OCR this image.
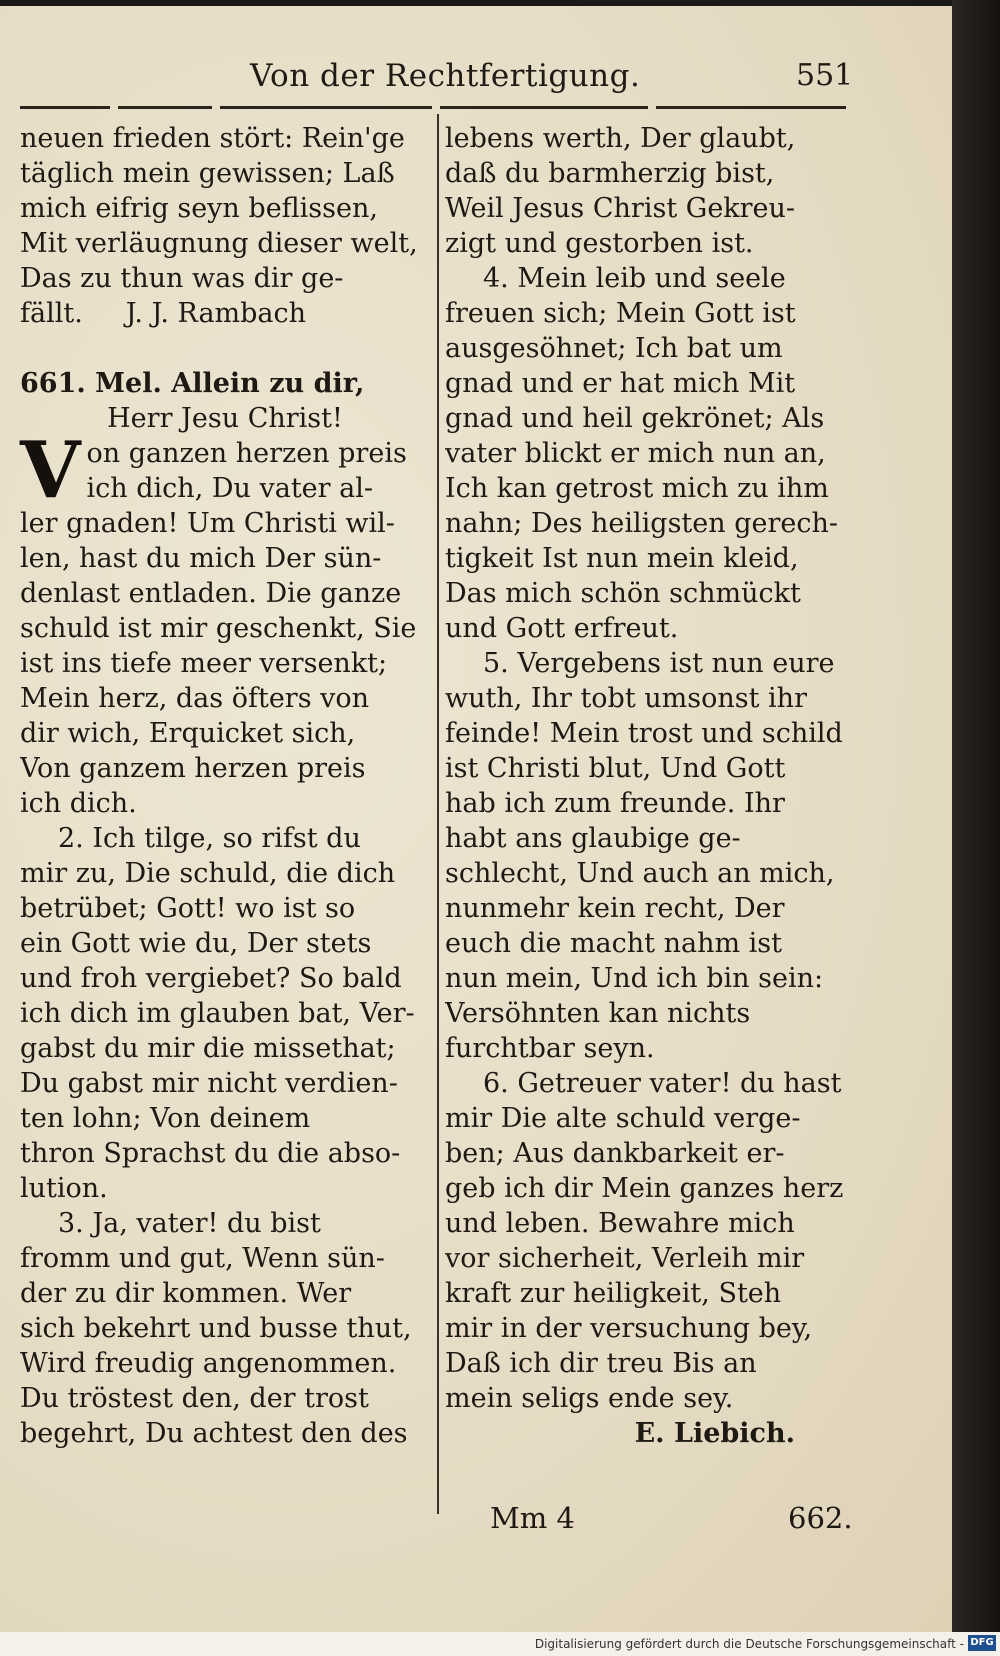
Von der Rechtfertigung.	551
neuen frieden stört: Rein'ge
täglich mein gewissen; Laß
mich eifrig seyn beflissen,
Mit verläugnung dieser welt,
Das zu thun was dir ge-
fällt.     J. J. Rambach
661. Mel. Allein zu dir,
Herr Jesu Christ!
V on ganzen herzen preis
ich dich, Du vater al-
ler gnaden! Um Christi wil-
len, hast du mich Der sün-
denlast entladen. Die ganze
schuld ist mir geschenkt, Sie
ist ins tiefe meer versenkt;
Mein herz, das öfters von
dir wich, Erquicket sich,
Von ganzem herzen preis
ich dich.
2. Ich tilge, so rifst du
mir zu, Die schuld, die dich
betrübet; Gott! wo ist so
ein Gott wie du, Der stets
und froh vergiebet? So bald
ich dich im glauben bat, Ver-
gabst du mir die missethat;
Du gabst mir nicht verdien-
ten lohn; Von deinem
thron Sprachst du die abso-
lution.
3. Ja, vater! du bist
fromm und gut, Wenn sün-
der zu dir kommen. Wer
sich bekehrt und busse thut,
Wird freudig angenommen.
Du tröstest den, der trost
begehrt, Du achtest den des
lebens werth, Der glaubt,
daß du barmherzig bist,
Weil Jesus Christ Gekreu-
zigt und gestorben ist.
4. Mein leib und seele
freuen sich; Mein Gott ist
ausgesöhnet; Ich bat um
gnad und er hat mich Mit
gnad und heil gekrönet; Als
vater blickt er mich nun an,
Ich kan getrost mich zu ihm
nahn; Des heiligsten gerech-
tigkeit Ist nun mein kleid,
Das mich schön schmückt
und Gott erfreut.
5. Vergebens ist nun eure
wuth, Ihr tobt umsonst ihr
feinde! Mein trost und schild
ist Christi blut, Und Gott
hab ich zum freunde. Ihr
habt ans glaubige ge-
schlecht, Und auch an mich,
nunmehr kein recht, Der
euch die macht nahm ist
nun mein, Und ich bin sein:
Versöhnten kan nichts
furchtbar seyn.
6. Getreuer vater! du hast
mir Die alte schuld verge-
ben; Aus dankbarkeit er-
geb ich dir Mein ganzes herz
und leben. Bewahre mich
vor sicherheit, Verleih mir
kraft zur heiligkeit, Steh
mir in der versuchung bey,
Daß ich dir treu Bis an
mein seligs ende sey.
E. Liebich.
Mm 4	662.
Digitalisierung gefördert durch die Deutsche Forschungsgemeinschaft - DFG
